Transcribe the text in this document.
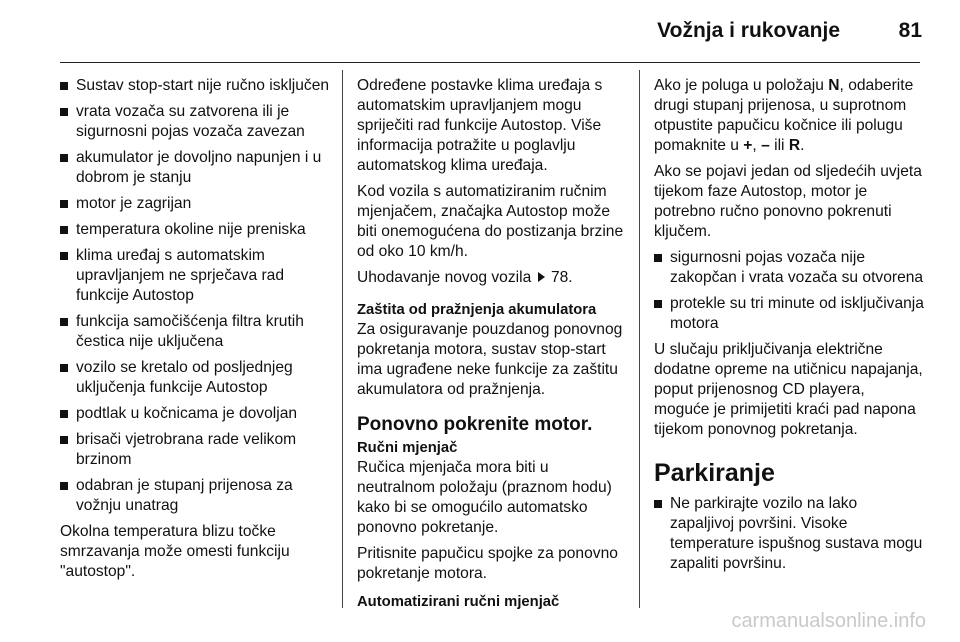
Vožnja i rukovanje	81
Sustav stop-start nije ručno isključen
vrata vozača su zatvorena ili je sigurnosni pojas vozača zavezan
akumulator je dovoljno napunjen i u dobrom je stanju
motor je zagrijan
temperatura okoline nije preniska
klima uređaj s automatskim upravljanjem ne sprječava rad funkcije Autostop
funkcija samočišćenja filtra krutih čestica nije uključena
vozilo se kretalo od posljednjeg uključenja funkcije Autostop
podtlak u kočnicama je dovoljan
brisači vjetrobrana rade velikom brzinom
odabran je stupanj prijenosa za vožnju unatrag

Okolna temperatura blizu točke smrzavanja može omesti funkciju "autostop".

Određene postavke klima uređaja s automatskim upravljanjem mogu spriječiti rad funkcije Autostop. Više informacija potražite u poglavlju automatskog klima uređaja.

Kod vozila s automatiziranim ručnim mjenjačem, značajka Autostop može biti onemogućena do postizanja brzine od oko 10 km/h.

Uhodavanje novog vozila 78.

Zaštita od pražnjenja akumulatora

Za osiguravanje pouzdanog ponovnog pokretanja motora, sustav stop-start ima ugrađene neke funkcije za zaštitu akumulatora od pražnjenja.

Ponovno pokrenite motor.

Ručni mjenjač

Ručica mjenjača mora biti u neutralnom položaju (praznom hodu) kako bi se omogućilo automatsko ponovno pokretanje.

Pritisnite papučicu spojke za ponovno pokretanje motora.

Automatizirani ručni mjenjač

Ako je poluga u položaju N, odaberite drugi stupanj prijenosa, u suprotnom otpustite papučicu kočnice ili polugu pomaknite u +, – ili R.

Ako se pojavi jedan od sljedećih uvjeta tijekom faze Autostop, motor je potrebno ručno ponovno pokrenuti ključem.

sigurnosni pojas vozača nije zakopčan i vrata vozača su otvorena
protekle su tri minute od isključivanja motora

U slučaju priključivanja električne dodatne opreme na utičnicu napajanja, poput prijenosnog CD playera, moguće je primijetiti kraći pad napona tijekom ponovnog pokretanja.

Parkiranje
Ne parkirajte vozilo na lako zapaljivoj površini. Visoke temperature ispušnog sustava mogu zapaliti površinu.
carmanualsonline.info
